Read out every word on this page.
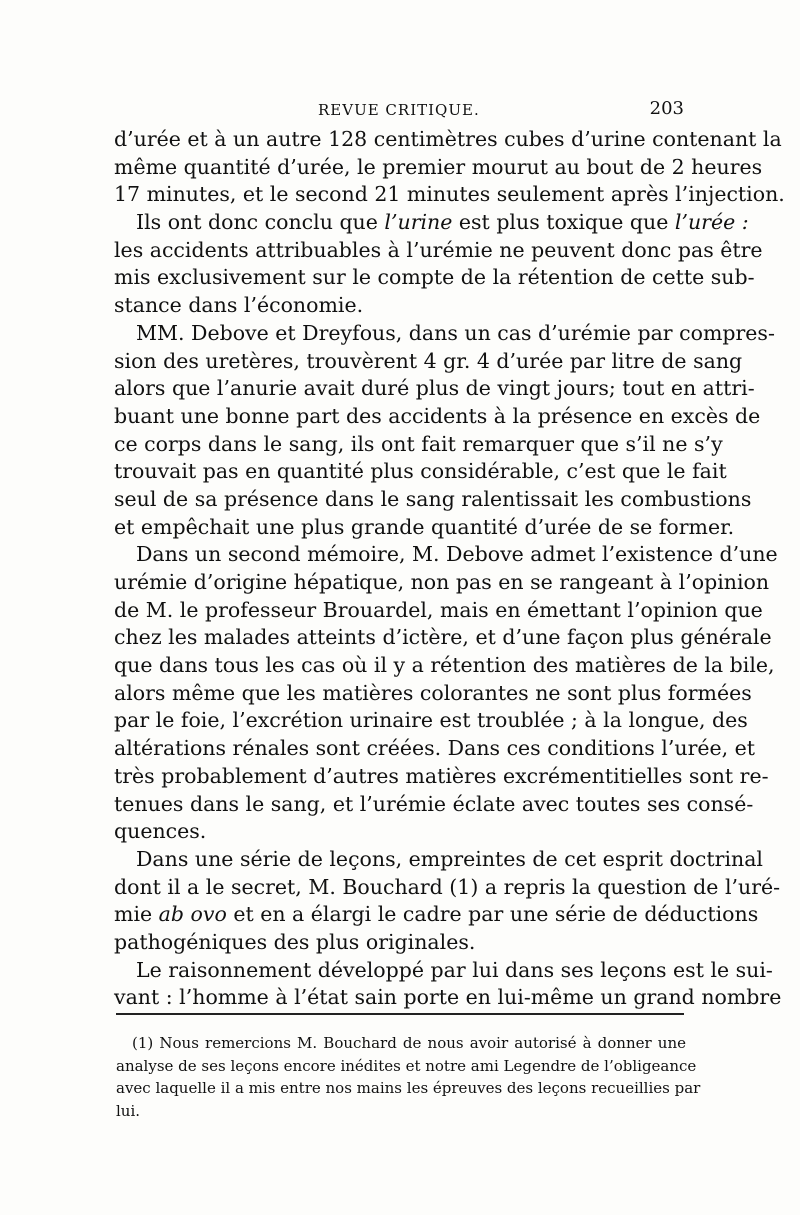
REVUE CRITIQUE.	203
d’urée et à un autre 128 centimètres cubes d’urine contenant la
même quantité d’urée, le premier mourut au bout de 2 heures
17 minutes, et le second 21 minutes seulement après l’injection.
Ils ont donc conclu que l’urine est plus toxique que l’urée :
les accidents attribuables à l’urémie ne peuvent donc pas être
mis exclusivement sur le compte de la rétention de cette sub-
stance dans l’économie.
MM. Debove et Dreyfous, dans un cas d’urémie par compres-
sion des uretères, trouvèrent 4 gr. 4 d’urée par litre de sang
alors que l’anurie avait duré plus de vingt jours; tout en attri-
buant une bonne part des accidents à la présence en excès de
ce corps dans le sang, ils ont fait remarquer que s’il ne s’y
trouvait pas en quantité plus considérable, c’est que le fait
seul de sa présence dans le sang ralentissait les combustions
et empêchait une plus grande quantité d’urée de se former.
Dans un second mémoire, M. Debove admet l’existence d’une
urémie d’origine hépatique, non pas en se rangeant à l’opinion
de M. le professeur Brouardel, mais en émettant l’opinion que
chez les malades atteints d’ictère, et d’une façon plus générale
que dans tous les cas où il y a rétention des matières de la bile,
alors même que les matières colorantes ne sont plus formées
par le foie, l’excrétion urinaire est troublée ; à la longue, des
altérations rénales sont créées. Dans ces conditions l’urée, et
très probablement d’autres matières excrémentitielles sont re-
tenues dans le sang, et l’urémie éclate avec toutes ses consé-
quences.
Dans une série de leçons, empreintes de cet esprit doctrinal
dont il a le secret, M. Bouchard (1) a repris la question de l’uré-
mie ab ovo et en a élargi le cadre par une série de déductions
pathogéniques des plus originales.
Le raisonnement développé par lui dans ses leçons est le sui-
vant : l’homme à l’état sain porte en lui-même un grand nombre
(1) Nous remercions M. Bouchard de nous avoir autorisé à donner une
analyse de ses leçons encore inédites et notre ami Legendre de l’obligeance
avec laquelle il a mis entre nos mains les épreuves des leçons recueillies par
lui.
